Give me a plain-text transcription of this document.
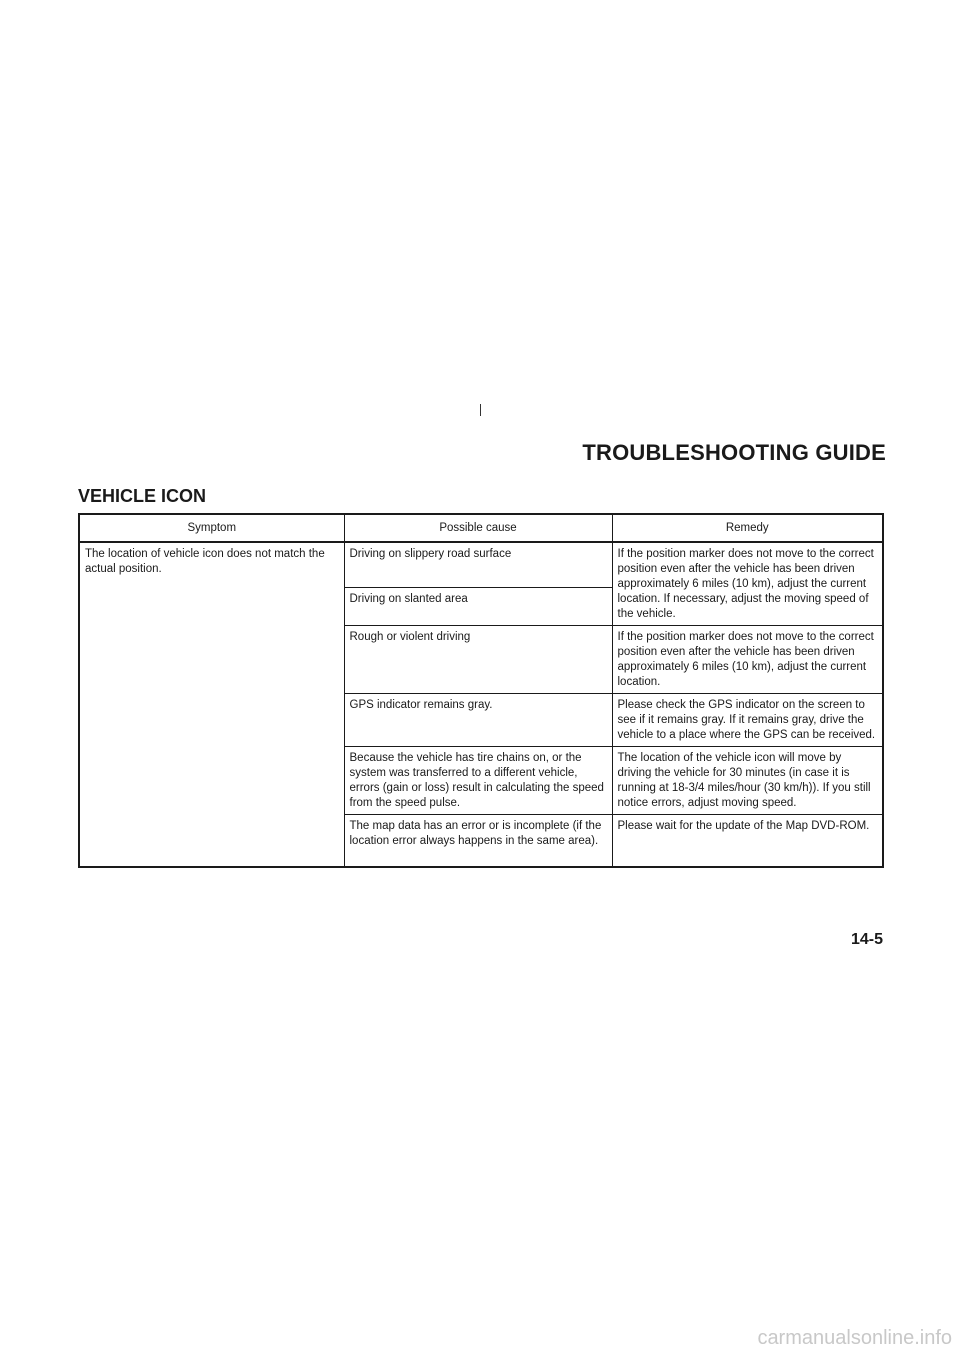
TROUBLESHOOTING GUIDE
VEHICLE ICON
Symptom	Possible cause	Remedy
The location of vehicle icon does not match the actual position.	Driving on slippery road surface	If the position marker does not move to the correct position even after the vehicle has been driven approximately 6 miles (10 km), adjust the current location. If necessary, adjust the moving speed of the vehicle.
	Driving on slanted area	
	Rough or violent driving	If the position marker does not move to the correct position even after the vehicle has been driven approximately 6 miles (10 km), adjust the current location.
	GPS indicator remains gray.	Please check the GPS indicator on the screen to see if it remains gray. If it remains gray, drive the vehicle to a place where the GPS can be received.
	Because the vehicle has tire chains on, or the system was transferred to a different vehicle, errors (gain or loss) result in calculating the speed from the speed pulse.	The location of the vehicle icon will move by driving the vehicle for 30 minutes (in case it is running at 18-3/4 miles/hour (30 km/h)). If you still notice errors, adjust moving speed.
	The map data has an error or is incomplete (if the location error always happens in the same area).	Please wait for the update of the Map DVD-ROM.
14-5
carmanualsonline.info
